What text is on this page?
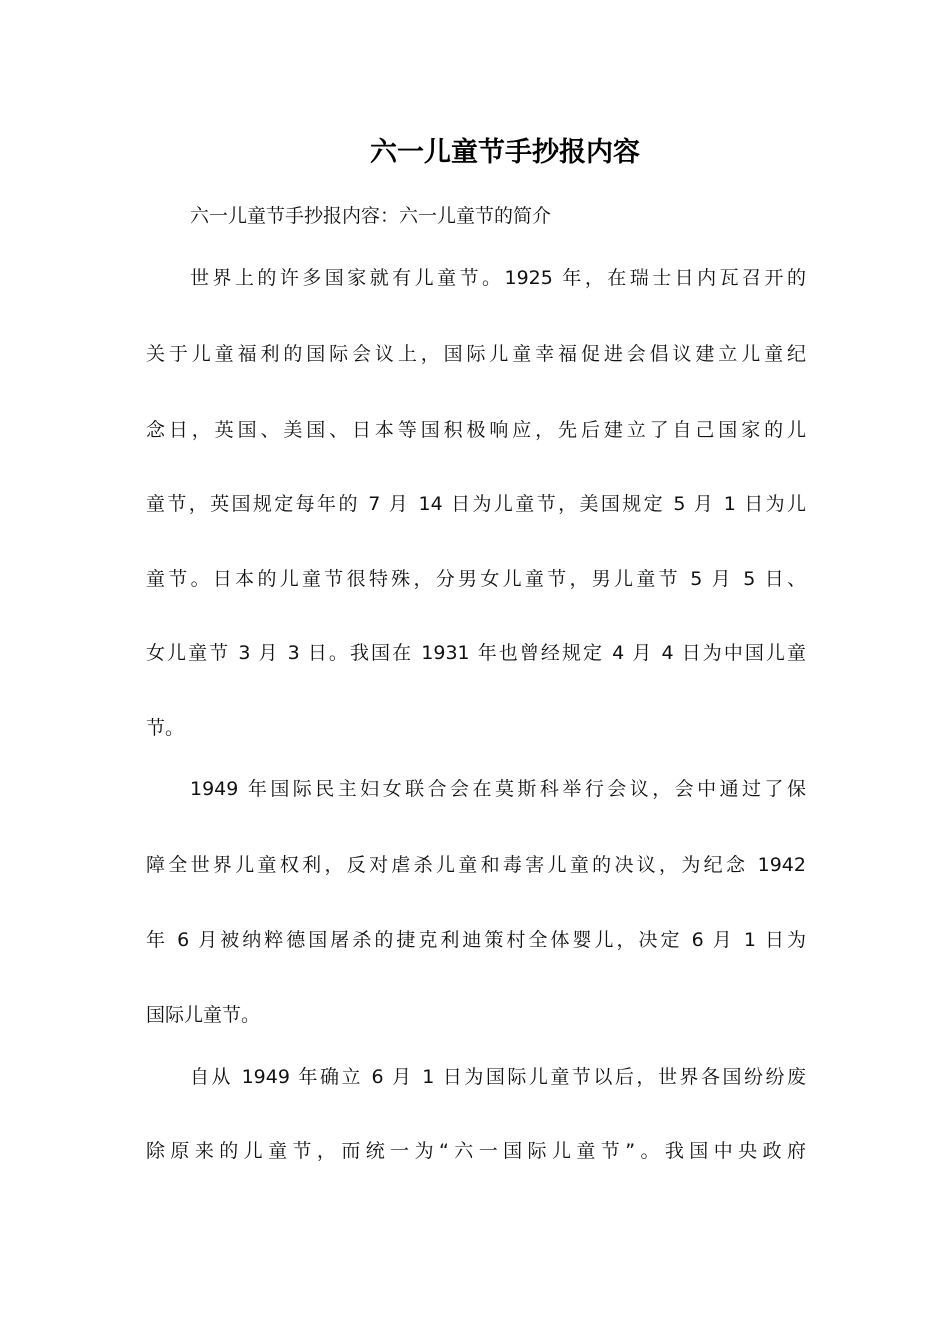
六一儿童节手抄报内容
六一儿童节手抄报内容：六一儿童节的简介
世界上的许多国家就有儿童节。1925 年，在瑞士日内瓦召开的
关于儿童福利的国际会议上，国际儿童幸福促进会倡议建立儿童纪
念日，英国、美国、日本等国积极响应，先后建立了自己国家的儿
童节，英国规定每年的 7 月 14 日为儿童节，美国规定 5 月 1 日为儿
童节。日本的儿童节很特殊，分男女儿童节，男儿童节 5 月 5 日、
女儿童节 3 月 3 日。我国在 1931 年也曾经规定 4 月 4 日为中国儿童
节。
1949 年国际民主妇女联合会在莫斯科举行会议，会中通过了保
障全世界儿童权利，反对虐杀儿童和毒害儿童的决议，为纪念 1942
年 6 月被纳粹德国屠杀的捷克利迪策村全体婴儿，决定 6 月 1 日为
国际儿童节。
自从 1949 年确立 6 月 1 日为国际儿童节以后，世界各国纷纷废
除原来的儿童节，而统一为“六一国际儿童节”。我国中央政府
